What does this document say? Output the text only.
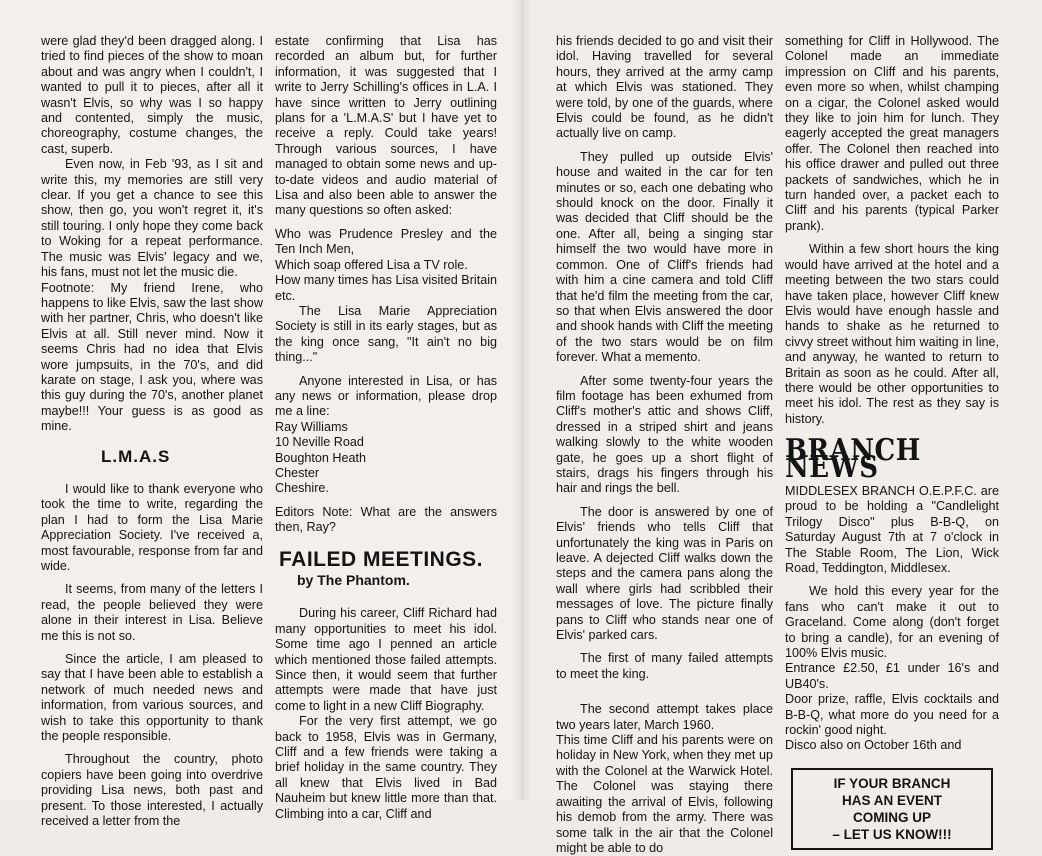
were glad they'd been dragged along. I tried to find pieces of the show to moan about and was angry when I couldn't, I wanted to pull it to pieces, after all it wasn't Elvis, so why was I so happy and contented, simply the music, choreography, costume changes, the cast, superb.

Even now, in Feb '93, as I sit and write this, my memories are still very clear. If you get a chance to see this show, then go, you won't regret it, it's still touring. I only hope they come back to Woking for a repeat performance. The music was Elvis' legacy and we, his fans, must not let the music die.

Footnote: My friend Irene, who happens to like Elvis, saw the last show with her partner, Chris, who doesn't like Elvis at all. Still never mind. Now it seems Chris had no idea that Elvis wore jumpsuits, in the 70's, and did karate on stage, I ask you, where was this guy during the 70's, another planet maybe!!! Your guess is as good as mine.

L.M.A.S

I would like to thank everyone who took the time to write, regarding the plan I had to form the Lisa Marie Appreciation Society. I've received a, most favourable, response from far and wide.

It seems, from many of the letters I read, the people believed they were alone in their interest in Lisa. Believe me this is not so.

Since the article, I am pleased to say that I have been able to establish a network of much needed news and information, from various sources, and wish to take this opportunity to thank the people responsible.

Throughout the country, photo copiers have been going into overdrive providing Lisa news, both past and present. To those interested, I actually received a letter from the

estate confirming that Lisa has recorded an album but, for further information, it was suggested that I write to Jerry Schilling's offices in L.A. I have since written to Jerry outlining plans for a 'L.M.A.S' but I have yet to receive a reply. Could take years! Through various sources, I have managed to obtain some news and up-to-date videos and audio material of Lisa and also been able to answer the many questions so often asked:

Who was Prudence Presley and the Ten Inch Men,

Which soap offered Lisa a TV role.

How many times has Lisa visited Britain etc.

The Lisa Marie Appreciation Society is still in its early stages, but as the king once sang, "It ain't no big thing..."

Anyone interested in Lisa, or has any news or information, please drop me a line:

Ray Williams

10 Neville Road

Boughton Heath

Chester

Cheshire.

Editors Note: What are the answers then, Ray?

FAILED MEETINGS.
by The Phantom.

During his career, Cliff Richard had many opportunities to meet his idol. Some time ago I penned an article which mentioned those failed attempts. Since then, it would seem that further attempts were made that have just come to light in a new Cliff Biography.

For the very first attempt, we go back to 1958, Elvis was in Germany, Cliff and a few friends were taking a brief holiday in the same country. They all knew that Elvis lived in Bad Nauheim but knew little more than that. Climbing into a car, Cliff and

his friends decided to go and visit their idol. Having travelled for several hours, they arrived at the army camp at which Elvis was stationed. They were told, by one of the guards, where Elvis could be found, as he didn't actually live on camp.

They pulled up outside Elvis' house and waited in the car for ten minutes or so, each one debating who should knock on the door. Finally it was decided that Cliff should be the one. After all, being a singing star himself the two would have more in common. One of Cliff's friends had with him a cine camera and told Cliff that he'd film the meeting from the car, so that when Elvis answered the door and shook hands with Cliff the meeting of the two stars would be on film forever. What a memento.

After some twenty-four years the film footage has been exhumed from Cliff's mother's attic and shows Cliff, dressed in a striped shirt and jeans walking slowly to the white wooden gate, he goes up a short flight of stairs, drags his fingers through his hair and rings the bell.

The door is answered by one of Elvis' friends who tells Cliff that unfortunately the king was in Paris on leave. A dejected Cliff walks down the steps and the camera pans along the wall where girls had scribbled their messages of love. The picture finally pans to Cliff who stands near one of Elvis' parked cars.

The first of many failed attempts to meet the king.

The second attempt takes place two years later, March 1960.

This time Cliff and his parents were on holiday in New York, when they met up with the Colonel at the Warwick Hotel. The Colonel was staying there awaiting the arrival of Elvis, following his demob from the army. There was some talk in the air that the Colonel might be able to do

something for Cliff in Hollywood. The Colonel made an immediate impression on Cliff and his parents, even more so when, whilst champing on a cigar, the Colonel asked would they like to join him for lunch. They eagerly accepted the great managers offer. The Colonel then reached into his office drawer and pulled out three packets of sandwiches, which he in turn handed over, a packet each to Cliff and his parents (typical Parker prank).

Within a few short hours the king would have arrived at the hotel and a meeting between the two stars could have taken place, however Cliff knew Elvis would have enough hassle and hands to shake as he returned to civvy street without him waiting in line, and anyway, he wanted to return to Britain as soon as he could. After all, there would be other opportunities to meet his idol. The rest as they say is history.

BRANCH NEWS

MIDDLESEX BRANCH O.E.P.F.C. are proud to be holding a "Candlelight Trilogy Disco" plus B-B-Q, on Saturday August 7th at 7 o'clock in The Stable Room, The Lion, Wick Road, Teddington, Middlesex.

We hold this every year for the fans who can't make it out to Graceland. Come along (don't forget to bring a candle), for an evening of 100% Elvis music.

Entrance £2.50, £1 under 16's and UB40's.

Door prize, raffle, Elvis cocktails and B-B-Q, what more do you need for a rockin' good night.

Disco also on October 16th and

IF YOUR BRANCH
HAS AN EVENT
COMING UP
– LET US KNOW!!!
